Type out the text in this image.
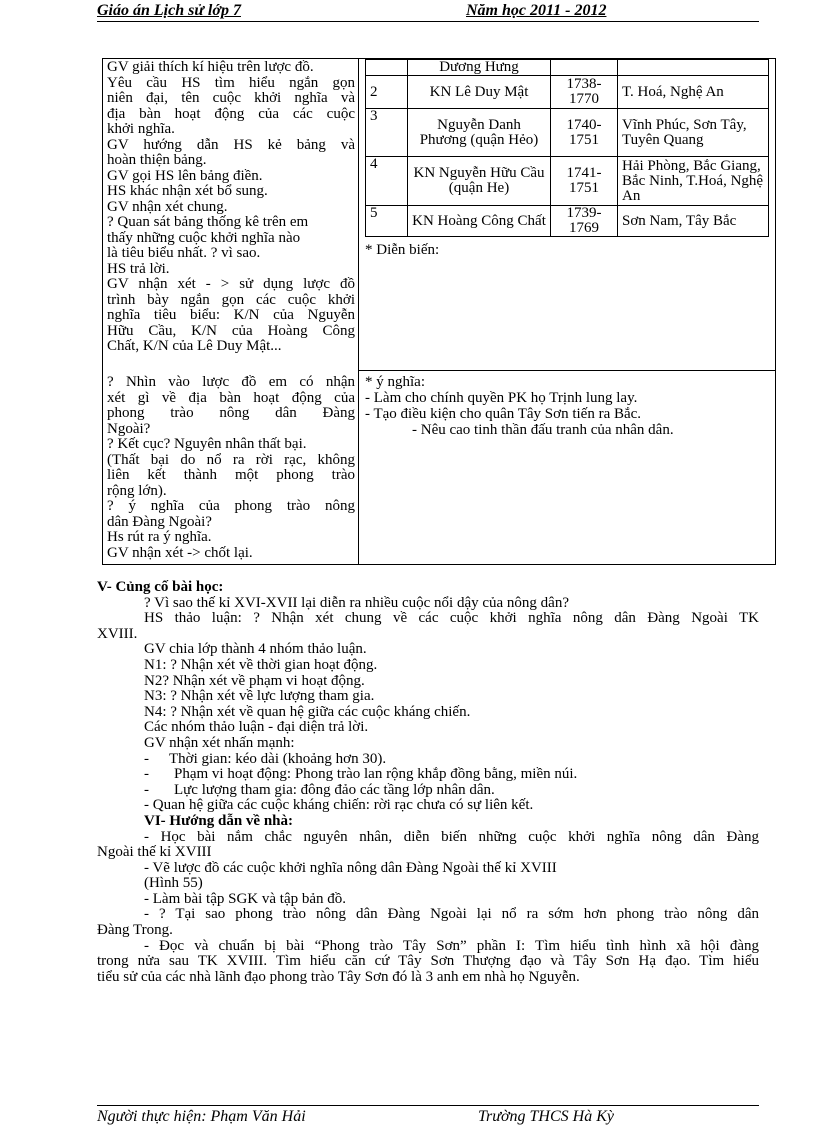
Giáo án Lịch sử lớp 7	Năm học 2011 - 2012
GV giải thích kí hiệu trên lược đồ.
Yêu cầu HS tìm hiểu ngắn gọn
niên đại, tên cuộc khởi nghĩa và
địa bàn hoạt động của các cuộc
khởi nghĩa.
GV hướng dẫn HS kẻ bảng và
hoàn thiện bảng.
GV gọi HS lên bảng điền.
HS khác nhận xét bổ sung.
GV nhận xét chung.
? Quan sát bảng thống kê trên em
thấy những cuộc khởi nghĩa nào
là tiêu biểu nhất. ? vì sao.
HS trả lời.
GV nhận xét - > sử dụng lược đồ
trình bày ngắn gọn các cuộc khởi
nghĩa tiêu biểu: K/N của Nguyễn
Hữu Cầu, K/N của Hoàng Công
Chất, K/N của Lê Duy Mật...
? Nhìn vào lược đồ em có nhận
xét gì về địa bàn hoạt động của
phong trào nông dân Đàng
Ngoài?
? Kết cục? Nguyên nhân thất bại.
(Thất bại do nổ ra rời rạc, không
liên kết thành một phong trào
rộng lớn).
? ý nghĩa của phong trào nông
dân Đàng Ngoài?
Hs rút ra ý nghĩa.
GV nhận xét -> chốt lại.
	Dương Hưng		
2	KN Lê Duy Mật	1738-1770	T. Hoá, Nghệ An
3	Nguyễn Danh Phương (quận Hẻo)	1740-1751	Vĩnh Phúc, Sơn Tây, Tuyên Quang
4	KN Nguyễn Hữu Cầu (quận He)	1741-1751	Hải Phòng, Bắc Giang, Bắc Ninh, T.Hoá, Nghệ An
5	KN Hoàng Công Chất	1739-1769	Sơn Nam, Tây Bắc
* Diễn biến:
* ý nghĩa:
- Làm cho chính quyền PK họ Trịnh lung lay.
- Tạo điều kiện cho quân Tây Sơn tiến ra Bắc.
- Nêu cao tinh thần đấu tranh của nhân dân.
V- Củng cố bài học:
? Vì sao thế kỉ XVI-XVII lại diễn ra nhiều cuộc nổi dậy của nông dân?
HS thảo luận: ? Nhận xét chung về các cuộc khởi nghĩa nông dân Đàng Ngoài TK
XVIII.
GV chia lớp thành 4 nhóm thảo luận.
N1: ? Nhận xét về thời gian hoạt động.
N2? Nhận xét về phạm vi hoạt động.
N3: ? Nhận xét về lực lượng tham gia.
N4: ? Nhận xét về quan hệ giữa các cuộc kháng chiến.
Các nhóm thảo luận - đại diện trả lời.
GV nhận xét nhấn mạnh:
- Thời gian: kéo dài (khoảng hơn 30).
- Phạm vi hoạt động: Phong trào lan rộng khắp đồng bằng, miền núi.
- Lực lượng tham gia: đông đảo các tầng lớp nhân dân.
- Quan hệ giữa các cuộc kháng chiến: rời rạc chưa có sự liên kết.
VI- Hướng dẫn về nhà:
- Học bài nắm chắc nguyên nhân, diễn biến những cuộc khởi nghĩa nông dân Đàng
Ngoài thế kỉ XVIII
- Vẽ lược đồ các cuộc khởi nghĩa nông dân Đàng Ngoài thế kỉ XVIII
(Hình 55)
- Làm bài tập SGK và tập bản đồ.
- ? Tại sao phong trào nông dân Đàng Ngoài lại nổ ra sớm hơn phong trào nông dân
Đàng Trong.
- Đọc và chuẩn bị bài “Phong trào Tây Sơn” phần I: Tìm hiểu tình hình xã hội đàng
trong nửa sau TK XVIII. Tìm hiểu căn cứ Tây Sơn Thượng đạo và Tây Sơn Hạ đạo. Tìm hiểu
tiểu sử của các nhà lãnh đạo phong trào Tây Sơn đó là 3 anh em nhà họ Nguyễn.
Người thực hiện: Phạm Văn Hải	Trường THCS Hà Kỳ
